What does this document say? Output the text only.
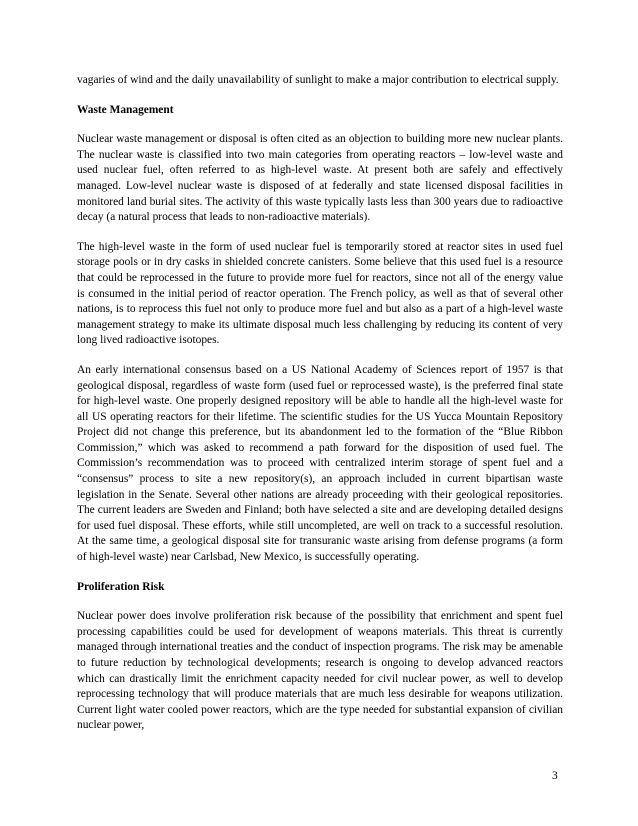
vagaries of wind and the daily unavailability of sunlight to make a major contribution to electrical supply.

Waste Management

Nuclear waste management or disposal is often cited as an objection to building more new nuclear plants. The nuclear waste is classified into two main categories from operating reactors – low-level waste and used nuclear fuel, often referred to as high-level waste. At present both are safely and effectively managed. Low-level nuclear waste is disposed of at federally and state licensed disposal facilities in monitored land burial sites. The activity of this waste typically lasts less than 300 years due to radioactive decay (a natural process that leads to non-radioactive materials).

The high-level waste in the form of used nuclear fuel is temporarily stored at reactor sites in used fuel storage pools or in dry casks in shielded concrete canisters. Some believe that this used fuel is a resource that could be reprocessed in the future to provide more fuel for reactors, since not all of the energy value is consumed in the initial period of reactor operation. The French policy, as well as that of several other nations, is to reprocess this fuel not only to produce more fuel and but also as a part of a high-level waste management strategy to make its ultimate disposal much less challenging by reducing its content of very long lived radioactive isotopes.

An early international consensus based on a US National Academy of Sciences report of 1957 is that geological disposal, regardless of waste form (used fuel or reprocessed waste), is the preferred final state for high-level waste. One properly designed repository will be able to handle all the high-level waste for all US operating reactors for their lifetime. The scientific studies for the US Yucca Mountain Repository Project did not change this preference, but its abandonment led to the formation of the “Blue Ribbon Commission,” which was asked to recommend a path forward for the disposition of used fuel. The Commission’s recommendation was to proceed with centralized interim storage of spent fuel and a “consensus” process to site a new repository(s), an approach included in current bipartisan waste legislation in the Senate. Several other nations are already proceeding with their geological repositories. The current leaders are Sweden and Finland; both have selected a site and are developing detailed designs for used fuel disposal. These efforts, while still uncompleted, are well on track to a successful resolution. At the same time, a geological disposal site for transuranic waste arising from defense programs (a form of high-level waste) near Carlsbad, New Mexico, is successfully operating.

Proliferation Risk

Nuclear power does involve proliferation risk because of the possibility that enrichment and spent fuel processing capabilities could be used for development of weapons materials. This threat is currently managed through international treaties and the conduct of inspection programs. The risk may be amenable to future reduction by technological developments; research is ongoing to develop advanced reactors which can drastically limit the enrichment capacity needed for civil nuclear power, as well to develop reprocessing technology that will produce materials that are much less desirable for weapons utilization. Current light water cooled power reactors, which are the type needed for substantial expansion of civilian nuclear power,

3
